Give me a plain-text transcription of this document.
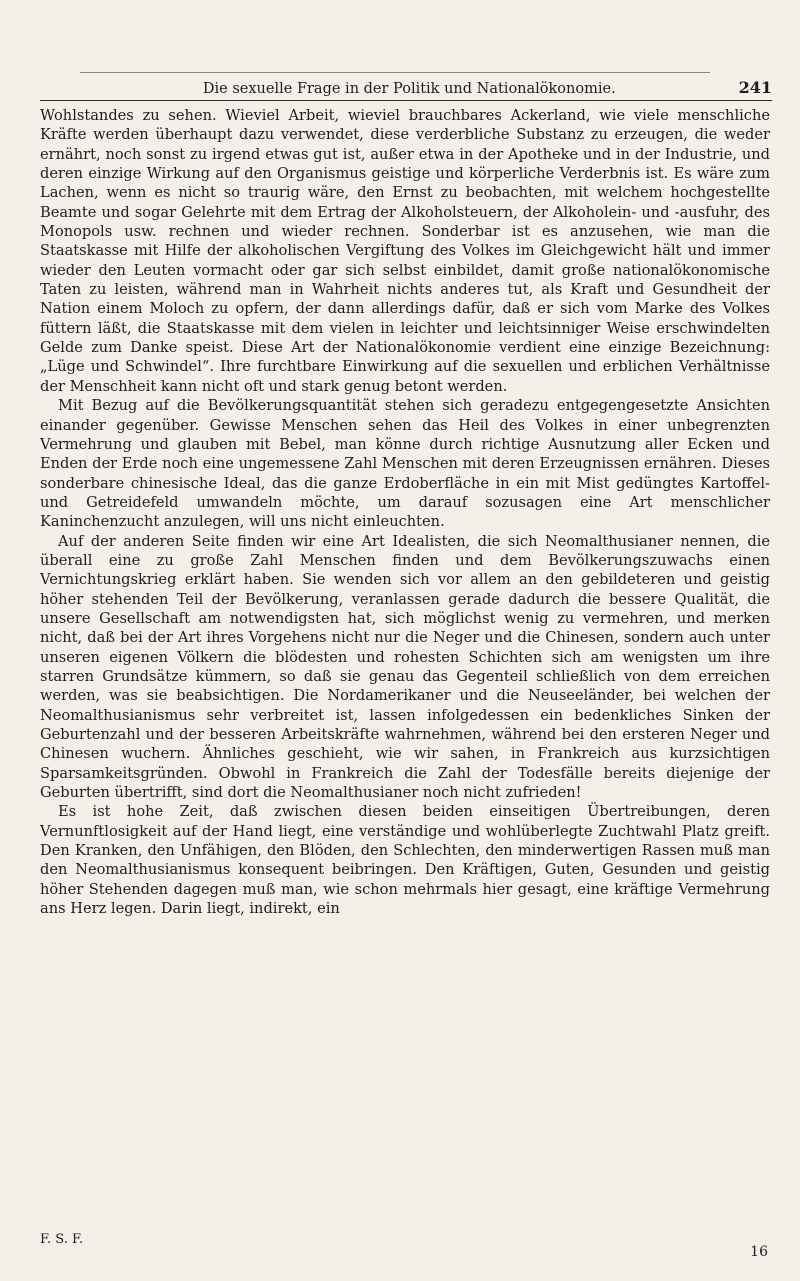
Die sexuelle Frage in der Politik und Nationalökonomie.	241

Wohlstandes zu sehen. Wieviel Arbeit, wieviel brauchbares Ackerland, wie viele menschliche Kräfte werden überhaupt dazu verwendet, diese verderbliche Substanz zu erzeugen, die weder ernährt, noch sonst zu irgend etwas gut ist, außer etwa in der Apotheke und in der Industrie, und deren einzige Wirkung auf den Organismus geistige und körperliche Verderbnis ist. Es wäre zum Lachen, wenn es nicht so traurig wäre, den Ernst zu beobachten, mit welchem hochgestellte Beamte und sogar Gelehrte mit dem Ertrag der Alkoholsteuern, der Alkoholein- und -ausfuhr, des Monopols usw. rechnen und wieder rechnen. Sonderbar ist es anzusehen, wie man die Staatskasse mit Hilfe der alkoholischen Vergiftung des Volkes im Gleichgewicht hält und immer wieder den Leuten vormacht oder gar sich selbst einbildet, damit große nationalökonomische Taten zu leisten, während man in Wahrheit nichts anderes tut, als Kraft und Gesundheit der Nation einem Moloch zu opfern, der dann allerdings dafür, daß er sich vom Marke des Volkes füttern läßt, die Staatskasse mit dem vielen in leichter und leichtsinniger Weise erschwindelten Gelde zum Danke speist. Diese Art der Nationalökonomie verdient eine einzige Bezeichnung: „Lüge und Schwindel“. Ihre furchtbare Einwirkung auf die sexuellen und erblichen Verhältnisse der Menschheit kann nicht oft und stark genug betont werden.

Mit Bezug auf die Bevölkerungsquantität stehen sich geradezu entgegengesetzte Ansichten einander gegenüber. Gewisse Menschen sehen das Heil des Volkes in einer unbegrenzten Vermehrung und glauben mit Bebel, man könne durch richtige Ausnutzung aller Ecken und Enden der Erde noch eine ungemessene Zahl Menschen mit deren Erzeugnissen ernähren. Dieses sonderbare chinesische Ideal, das die ganze Erdoberfläche in ein mit Mist gedüngtes Kartoffel- und Getreidefeld umwandeln möchte, um darauf sozusagen eine Art menschlicher Kaninchenzucht anzulegen, will uns nicht einleuchten.

Auf der anderen Seite finden wir eine Art Idealisten, die sich Neomalthusianer nennen, die überall eine zu große Zahl Menschen finden und dem Bevölkerungszuwachs einen Vernichtungskrieg erklärt haben. Sie wenden sich vor allem an den gebildeteren und geistig höher stehenden Teil der Bevölkerung, veranlassen gerade dadurch die bessere Qualität, die unsere Gesellschaft am notwendigsten hat, sich möglichst wenig zu vermehren, und merken nicht, daß bei der Art ihres Vorgehens nicht nur die Neger und die Chinesen, sondern auch unter unseren eigenen Völkern die blödesten und rohesten Schichten sich am wenigsten um ihre starren Grundsätze kümmern, so daß sie genau das Gegenteil schließlich von dem erreichen werden, was sie beabsichtigen. Die Nordamerikaner und die Neuseeländer, bei welchen der Neomalthusianismus sehr verbreitet ist, lassen infolgedessen ein bedenkliches Sinken der Geburtenzahl und der besseren Arbeitskräfte wahrnehmen, während bei den ersteren Neger und Chinesen wuchern. Ähnliches geschieht, wie wir sahen, in Frankreich aus kurzsichtigen Sparsamkeitsgründen. Obwohl in Frankreich die Zahl der Todesfälle bereits diejenige der Geburten übertrifft, sind dort die Neomalthusianer noch nicht zufrieden!

Es ist hohe Zeit, daß zwischen diesen beiden einseitigen Übertreibungen, deren Vernunftlosigkeit auf der Hand liegt, eine verständige und wohlüberlegte Zuchtwahl Platz greift. Den Kranken, den Unfähigen, den Blöden, den Schlechten, den minderwertigen Rassen muß man den Neomalthusianismus konsequent beibringen. Den Kräftigen, Guten, Gesunden und geistig höher Stehenden dagegen muß man, wie schon mehrmals hier gesagt, eine kräftige Vermehrung ans Herz legen. Darin liegt, indirekt, ein

F. S. F.
16
